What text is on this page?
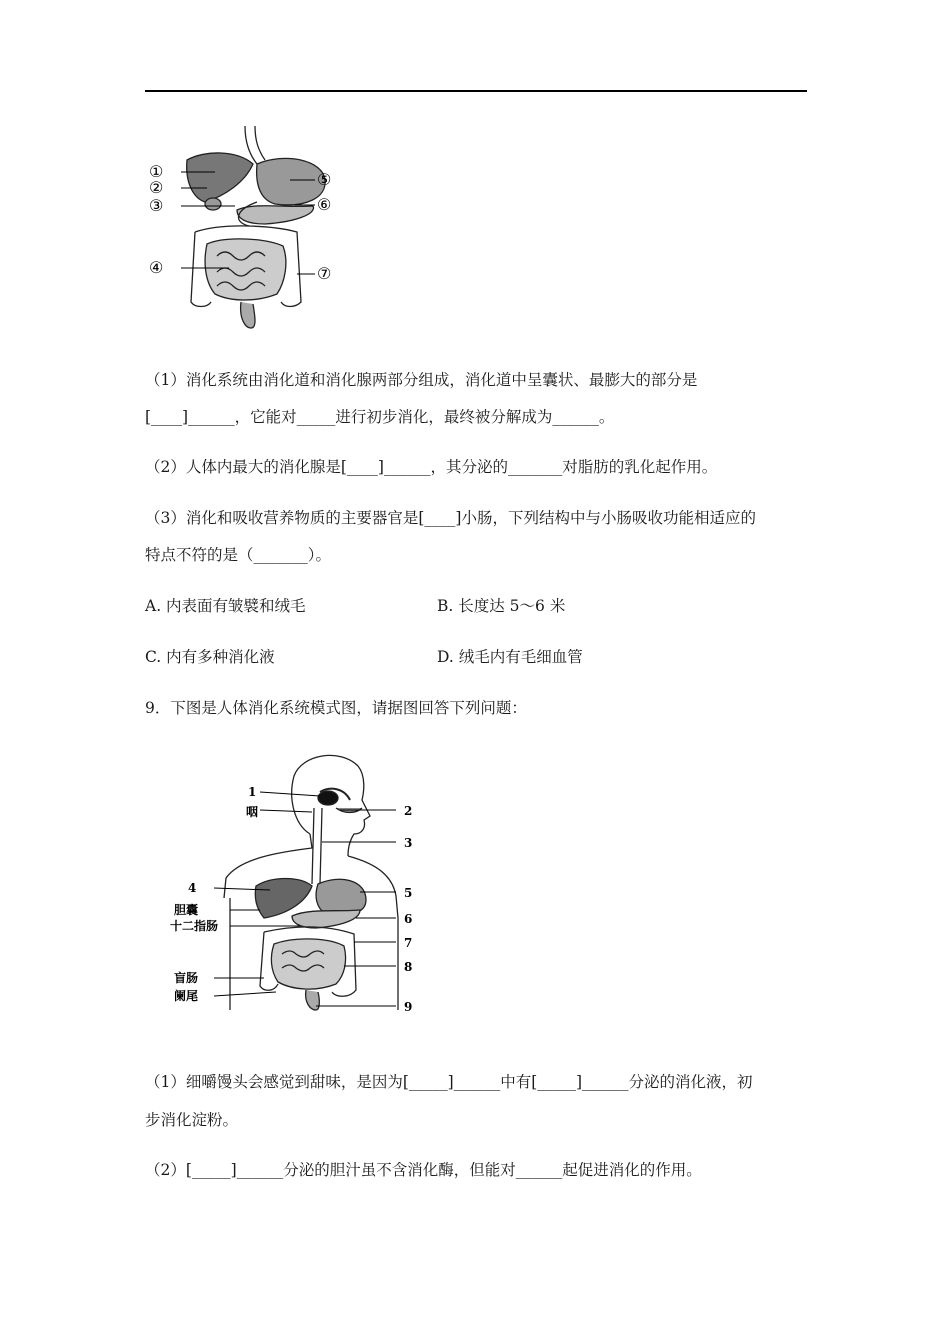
①
②
③
④
⑤
⑥
⑦
（1）消化系统由消化道和消化腺两部分组成，消化道中呈囊状、最膨大的部分是
[____]______，它能对_____进行初步消化，最终被分解成为______。
（2）人体内最大的消化腺是[____]______，其分泌的_______对脂肪的乳化起作用。
（3）消化和吸收营养物质的主要器官是[____]小肠，下列结构中与小肠吸收功能相适应的
特点不符的是（_______）。
A. 内表面有皱襞和绒毛	B. 长度达 5～6 米
C. 内有多种消化液	D. 绒毛内有毛细血管
9．下图是人体消化系统模式图，请据图回答下列问题：
1
咽	2
3
4	5
胆囊
6
十二指肠
7
8
盲肠
阑尾
9
（1）细嚼馒头会感觉到甜味，是因为[_____]______中有[_____]______分泌的消化液，初
步消化淀粉。
（2）[_____]______分泌的胆汁虽不含消化酶，但能对______起促进消化的作用。
